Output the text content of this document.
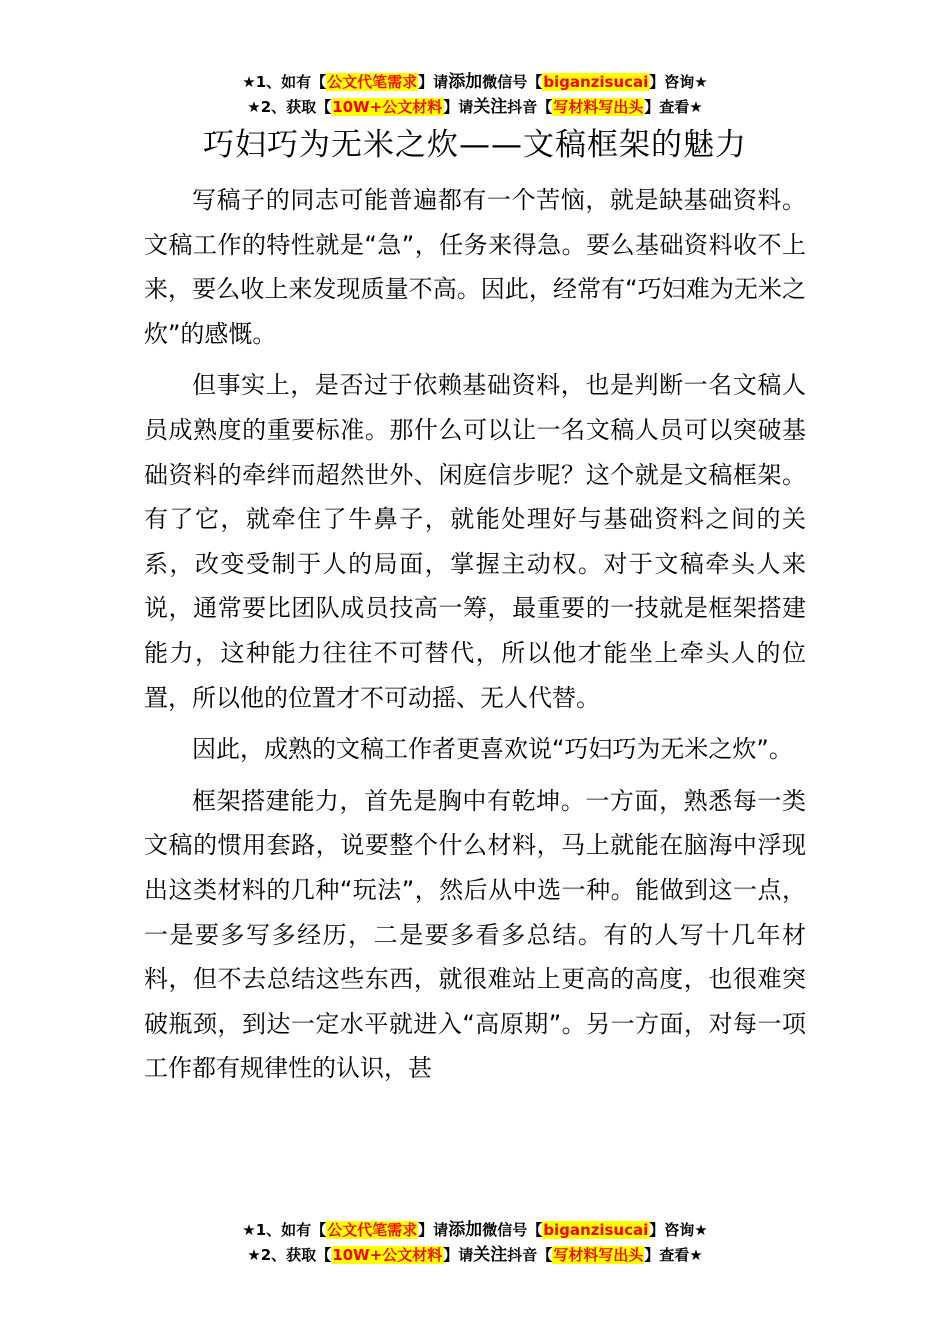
★1、如有【公文代笔需求】请添加微信号【biganzisucai】咨询★
★2、获取【10W+公文材料】请关注抖音【写材料写出头】查看★
巧妇巧为无米之炊——文稿框架的魅力

写稿子的同志可能普遍都有一个苦恼，就是缺基础资料。文稿工作的特性就是“急”，任务来得急。要么基础资料收不上来，要么收上来发现质量不高。因此，经常有“巧妇难为无米之炊”的感慨。

但事实上，是否过于依赖基础资料，也是判断一名文稿人员成熟度的重要标准。那什么可以让一名文稿人员可以突破基础资料的牵绊而超然世外、闲庭信步呢？这个就是文稿框架。有了它，就牵住了牛鼻子，就能处理好与基础资料之间的关系，改变受制于人的局面，掌握主动权。对于文稿牵头人来说，通常要比团队成员技高一筹，最重要的一技就是框架搭建能力，这种能力往往不可替代，所以他才能坐上牵头人的位置，所以他的位置才不可动摇、无人代替。

因此，成熟的文稿工作者更喜欢说“巧妇巧为无米之炊”。

框架搭建能力，首先是胸中有乾坤。一方面，熟悉每一类文稿的惯用套路，说要整个什么材料，马上就能在脑海中浮现出这类材料的几种“玩法”，然后从中选一种。能做到这一点，一是要多写多经历，二是要多看多总结。有的人写十几年材料，但不去总结这些东西，就很难站上更高的高度，也很难突破瓶颈，到达一定水平就进入“高原期”。另一方面，对每一项工作都有规律性的认识，甚

★1、如有【公文代笔需求】请添加微信号【biganzisucai】咨询★
★2、获取【10W+公文材料】请关注抖音【写材料写出头】查看★
